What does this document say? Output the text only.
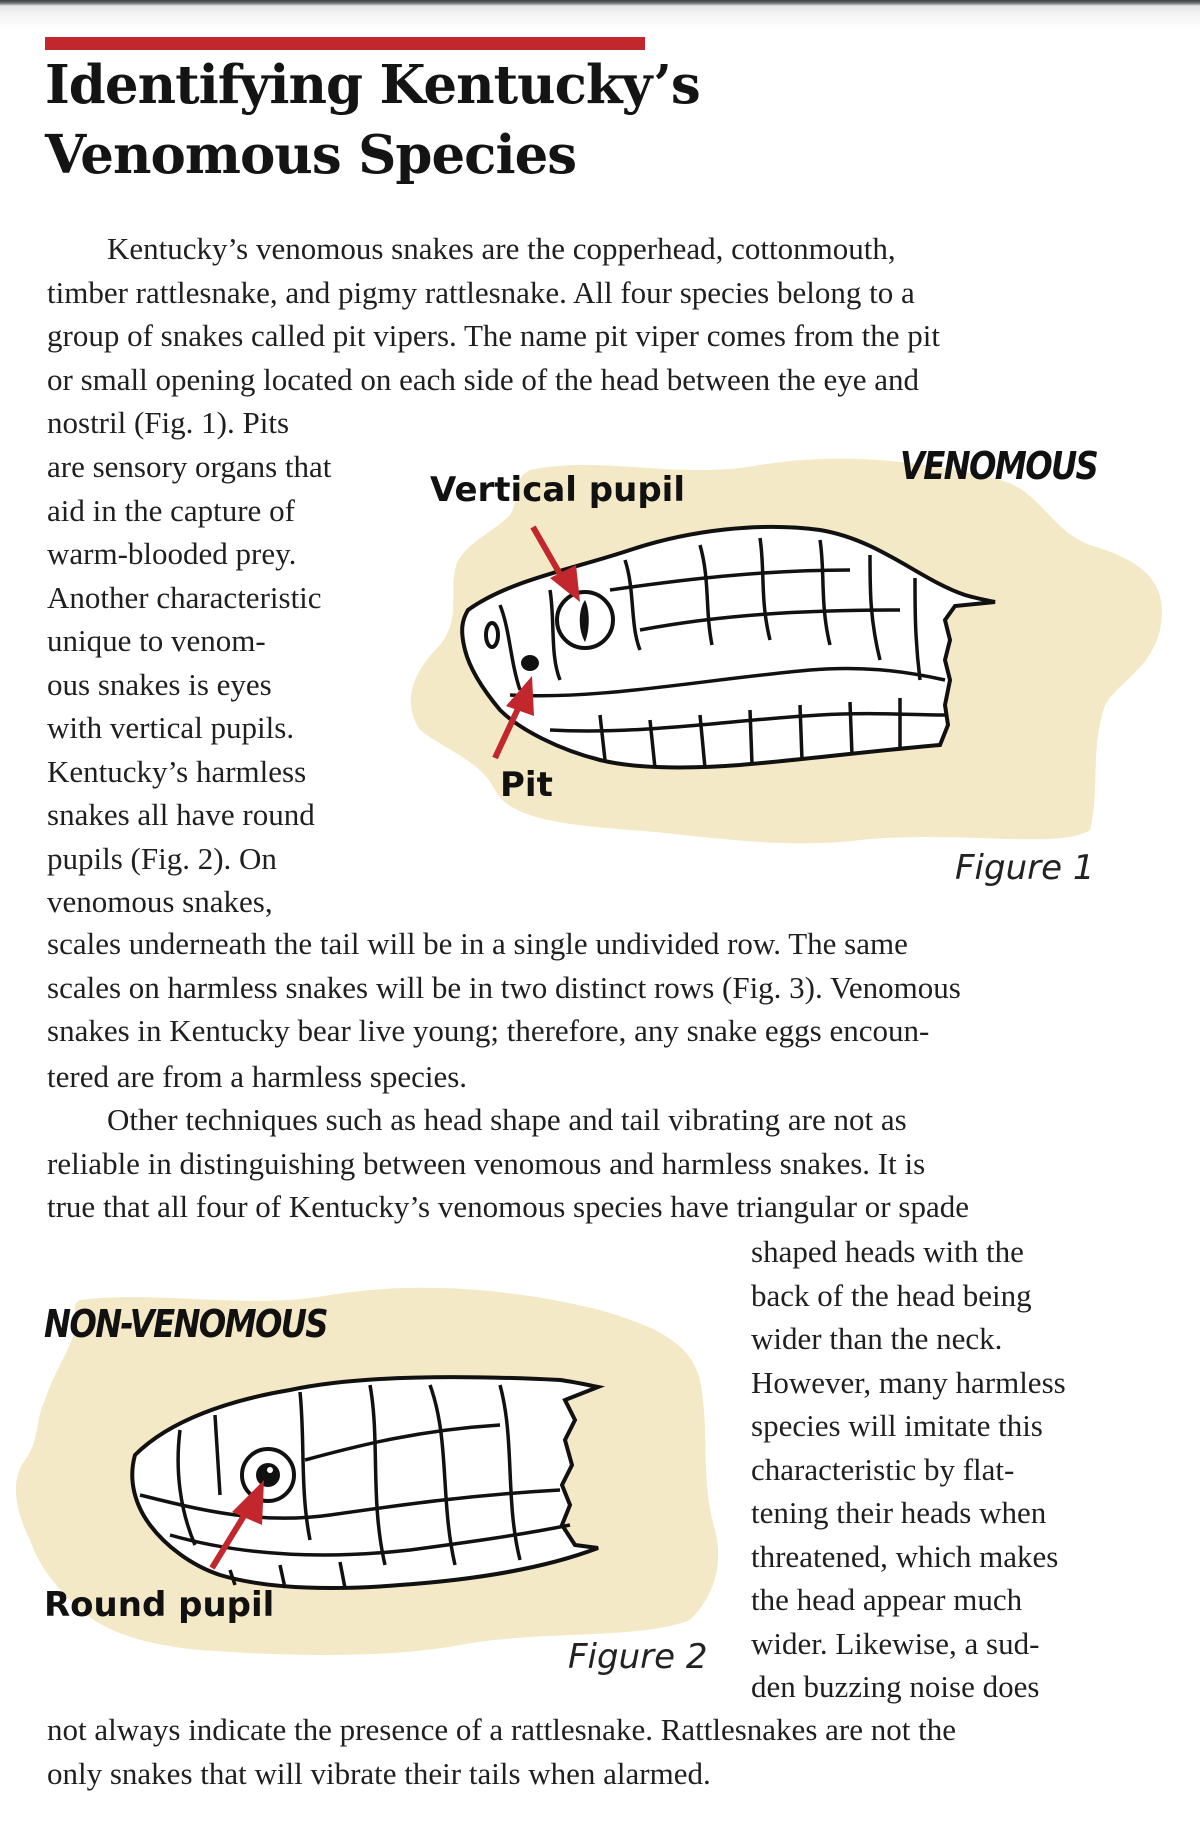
Identifying Kentucky’s
Venomous Species
Kentucky’s venomous snakes are the copperhead, cottonmouth,
timber rattlesnake, and pigmy rattlesnake. All four species belong to a
group of snakes called pit vipers. The name pit viper comes from the pit
or small opening located on each side of the head between the eye and
nostril (Fig. 1). Pits
are sensory organs that
aid in the capture of
warm-blooded prey.
Another characteristic
unique to venom-
ous snakes is eyes
with vertical pupils.
Kentucky’s harmless
snakes all have round
pupils (Fig. 2). On
venomous snakes,
VENOMOUS
Vertical pupil
Pit
Figure 1
scales underneath the tail will be in a single undivided row. The same
scales on harmless snakes will be in two distinct rows (Fig. 3). Venomous
snakes in Kentucky bear live young; therefore, any snake eggs encoun-
tered are from a harmless species.
Other techniques such as head shape and tail vibrating are not as
reliable in distinguishing between venomous and harmless snakes. It is
true that all four of Kentucky’s venomous species have triangular or spade
shaped heads with the
back of the head being
wider than the neck.
However, many harmless
species will imitate this
characteristic by flat-
tening their heads when
threatened, which makes
the head appear much
wider. Likewise, a sud-
den buzzing noise does
NON-VENOMOUS
Round pupil
Figure 2
not always indicate the presence of a rattlesnake. Rattlesnakes are not the
only snakes that will vibrate their tails when alarmed.
